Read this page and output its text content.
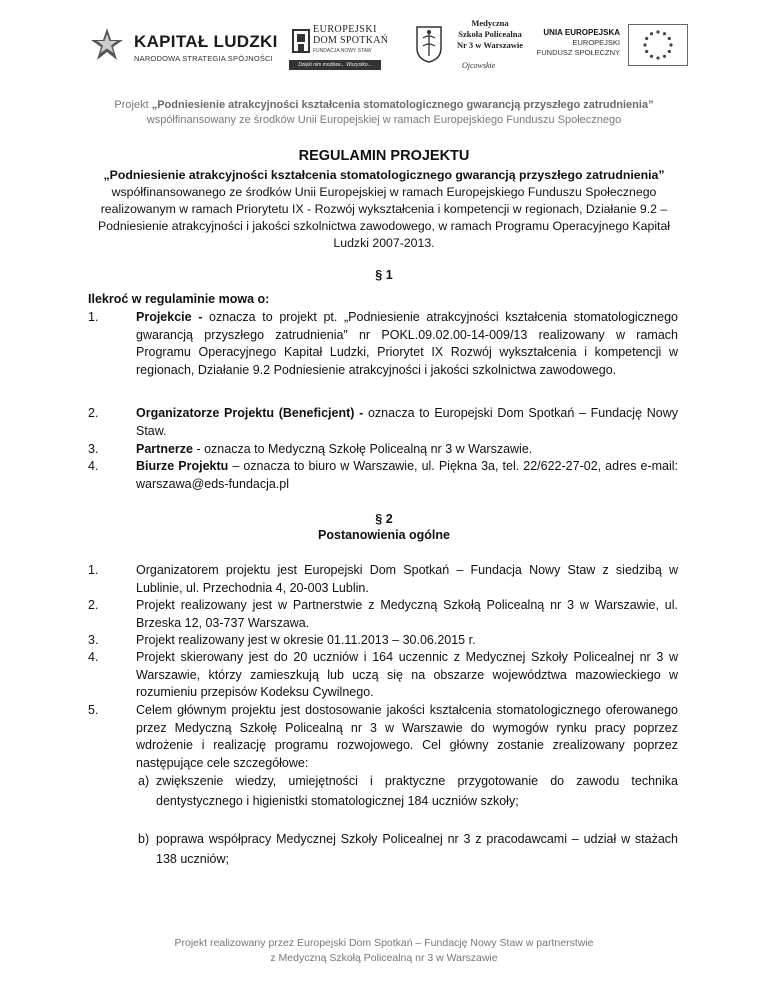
KAPITAŁ LUDZKI
NARODOWA STRATEGIA SPÓJNOŚCI
EUROPEJSKI
DOM SPOTKAŃ
FUNDACJA NOWY STAW
Dzięki nim możliwe... Wszystko...
Medyczna
Szkoła Policealna
Nr 3 w Warszawie
Ojcowskie
UNIA EUROPEJSKA
EUROPEJSKI
FUNDUSZ SPOŁECZNY
Projekt „Podniesienie atrakcyjności kształcenia stomatologicznego gwarancją przyszłego zatrudnienia”
współfinansowany ze środków Unii Europejskiej w ramach Europejskiego Funduszu Społecznego
REGULAMIN PROJEKTU
„Podniesienie atrakcyjności kształcenia stomatologicznego gwarancją przyszłego zatrudnienia” współfinansowanego ze środków Unii Europejskiej w ramach Europejskiego Funduszu Społecznego realizowanym w ramach Priorytetu IX - Rozwój wykształcenia i kompetencji w regionach, Działanie 9.2 – Podniesienie atrakcyjności i jakości szkolnictwa zawodowego, w ramach Programu Operacyjnego Kapitał Ludzki 2007-2013.
§ 1
Ilekroć w regulaminie mowa o:
1.	Projekcie - oznacza to projekt pt. „Podniesienie atrakcyjności kształcenia stomatologicznego gwarancją przyszłego zatrudnienia” nr POKL.09.02.00-14-009/13 realizowany w ramach Programu Operacyjnego Kapitał Ludzki, Priorytet IX Rozwój wykształcenia i kompetencji w regionach, Działanie 9.2 Podniesienie atrakcyjności i jakości szkolnictwa zawodowego.
2.	Organizatorze Projektu (Beneficjent) - oznacza to Europejski Dom Spotkań – Fundację Nowy Staw.
3.	Partnerze - oznacza to Medyczną Szkołę Policealną nr 3 w Warszawie.
4.	Biurze Projektu – oznacza to biuro w Warszawie, ul. Piękna 3a, tel. 22/622-27-02, adres e-mail: warszawa@eds-fundacja.pl
§ 2
Postanowienia ogólne
1.	Organizatorem projektu jest Europejski Dom Spotkań – Fundacja Nowy Staw z siedzibą w Lublinie, ul. Przechodnia 4, 20-003 Lublin.
2.	Projekt realizowany jest w Partnerstwie z Medyczną Szkołą Policealną nr 3 w Warszawie, ul. Brzeska 12, 03-737 Warszawa.
3.	Projekt realizowany jest w okresie 01.11.2013 – 30.06.2015 r.
4.	Projekt skierowany jest do 20 uczniów i 164 uczennic z Medycznej Szkoły Policealnej nr 3 w Warszawie, którzy zamieszkują lub uczą się na obszarze województwa mazowieckiego w rozumieniu przepisów Kodeksu Cywilnego.
5.	Celem głównym projektu jest dostosowanie jakości kształcenia stomatologicznego oferowanego przez Medyczną Szkołę Policealną nr 3 w Warszawie do wymogów rynku pracy poprzez wdrożenie i realizację programu rozwojowego. Cel główny zostanie zrealizowany poprzez następujące cele szczegółowe:
a) zwiększenie wiedzy, umiejętności i praktyczne przygotowanie do zawodu technika dentystycznego i higienistki stomatologicznej 184 uczniów szkoły;
b) poprawa współpracy Medycznej Szkoły Policealnej nr 3 z pracodawcami – udział w stażach 138 uczniów;
Projekt realizowany przez Europejski Dom Spotkań – Fundację Nowy Staw w partnerstwie
z Medyczną Szkołą Policealną nr 3 w Warszawie
